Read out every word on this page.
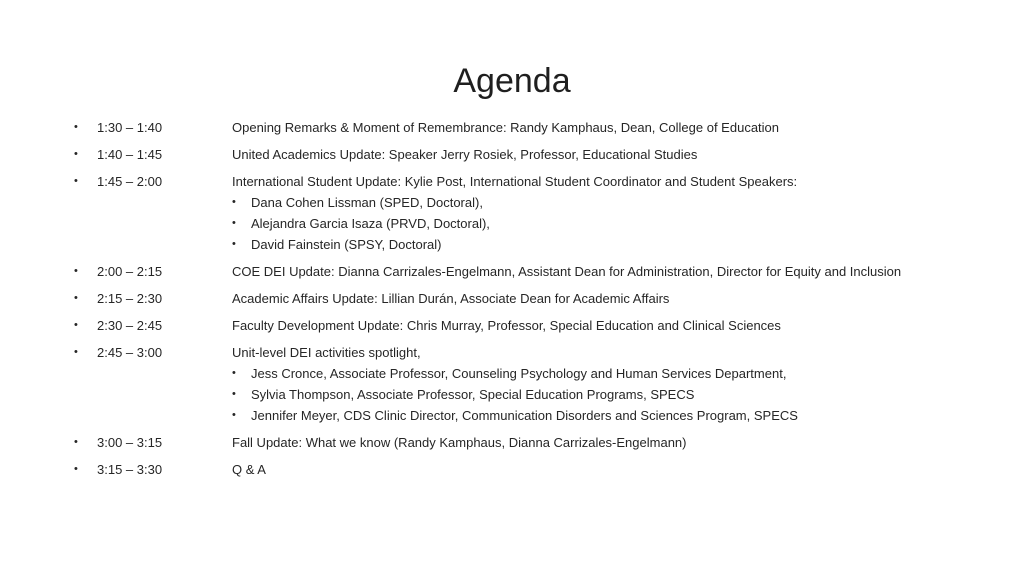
Agenda
•	1:30 – 1:40	Opening Remarks & Moment of Remembrance: Randy Kamphaus, Dean, College of Education
•	1:40 – 1:45	United Academics Update: Speaker Jerry Rosiek, Professor, Educational Studies
•	1:45 – 2:00	International Student Update: Kylie Post, International Student Coordinator and Student Speakers:
• Dana Cohen Lissman (SPED, Doctoral),
• Alejandra Garcia Isaza (PRVD, Doctoral),
• David Fainstein (SPSY, Doctoral)
•	2:00 – 2:15	COE DEI Update: Dianna Carrizales-Engelmann, Assistant Dean for Administration, Director for Equity and Inclusion
•	2:15 – 2:30	Academic Affairs Update: Lillian Durán, Associate Dean for Academic Affairs
•	2:30 – 2:45	Faculty Development Update: Chris Murray, Professor, Special Education and Clinical Sciences
•	2:45 – 3:00	Unit-level DEI activities spotlight,
• Jess Cronce, Associate Professor, Counseling Psychology and Human Services Department,
• Sylvia Thompson, Associate Professor, Special Education Programs, SPECS
• Jennifer Meyer, CDS Clinic Director, Communication Disorders and Sciences Program, SPECS
•	3:00 – 3:15	Fall Update: What we know (Randy Kamphaus, Dianna Carrizales-Engelmann)
•	3:15 – 3:30	Q & A
